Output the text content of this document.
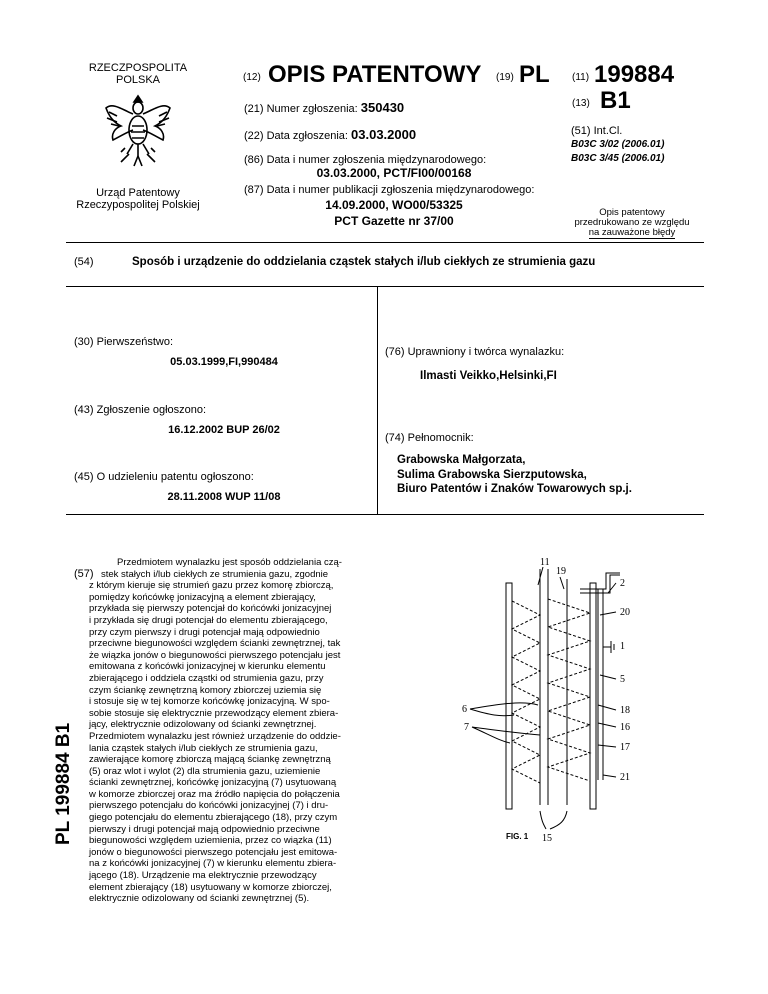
RZECZPOSPOLITA
POLSKA
Urząd Patentowy
Rzeczypospolitej Polskiej
(12) OPIS PATENTOWY (19) PL
(21) Numer zgłoszenia: 350430
(22) Data zgłoszenia: 03.03.2000
(86) Data i numer zgłoszenia międzynarodowego:
03.03.2000, PCT/FI00/00168
(87) Data i numer publikacji zgłoszenia międzynarodowego:
14.09.2000, WO00/53325
PCT Gazette nr 37/00
(11) 199884
(13) B1
(51) Int.Cl.
B03C 3/02 (2006.01)
B03C 3/45 (2006.01)
Opis patentowy
przedrukowano ze względu
na zauważone błędy
(54)	Sposób i urządzenie do oddzielania cząstek stałych i/lub ciekłych ze strumienia gazu
(30) Pierwszeństwo:
05.03.1999,FI,990484
(43) Zgłoszenie ogłoszono:
16.12.2002 BUP 26/02
(45) O udzieleniu patentu ogłoszono:
28.11.2008 WUP 11/08
(76) Uprawniony i twórca wynalazku:
Ilmasti Veikko,Helsinki,FI
(74) Pełnomocnik:
Grabowska Małgorzata,
Sulima Grabowska Sierzputowska,
Biuro Patentów i Znaków Towarowych sp.j.
PL 199884 B1
(57)
Przedmiotem wynalazku jest sposób oddzielania czą-
stek stałych i/lub ciekłych ze strumienia gazu, zgodnie
z którym kieruje się strumień gazu przez komorę zbiorczą,
pomiędzy końcówkę jonizacyjną a element zbierający,
przykłada się pierwszy potencjał do końcówki jonizacyjnej
i przykłada się drugi potencjał do elementu zbierającego,
przy czym pierwszy i drugi potencjał mają odpowiednio
przeciwne biegunowości względem ścianki zewnętrznej, tak
że wiązka jonów o biegunowości pierwszego potencjału jest
emitowana z końcówki jonizacyjnej w kierunku elementu
zbierającego i oddziela cząstki od strumienia gazu, przy
czym ściankę zewnętrzną komory zbiorczej uziemia się
i stosuje się w tej komorze końcówkę jonizacyjną. W spo-
sobie stosuje się elektrycznie przewodzący element zbiera-
jący, elektrycznie odizolowany od ścianki zewnętrznej.
Przedmiotem wynalazku jest również urządzenie do oddzie-
lania cząstek stałych i/lub ciekłych ze strumienia gazu,
zawierające komorę zbiorczą mającą ściankę zewnętrzną
(5) oraz wlot i wylot (2) dla strumienia gazu, uziemienie
ścianki zewnętrznej, końcówkę jonizacyjną (7) usytuowaną
w komorze zbiorczej oraz ma źródło napięcia do połączenia
pierwszego potencjału do końcówki jonizacyjnej (7) i dru-
giego potencjału do elementu zbierającego (18), przy czym
pierwszy i drugi potencjał mają odpowiednio przeciwne
biegunowości względem uziemienia, przez co wiązka (11)
jonów o biegunowości pierwszego potencjału jest emitowa-
na z końcówki jonizacyjnej (7) w kierunku elementu zbiera-
jącego (18). Urządzenie ma elektrycznie przewodzący
element zbierający (18) usytuowany w komorze zbiorczej,
elektrycznie odizolowany od ścianki zewnętrznej (5).
11
19
2
20
1
5
6
7
18
16
17
21
15
FIG. 1
